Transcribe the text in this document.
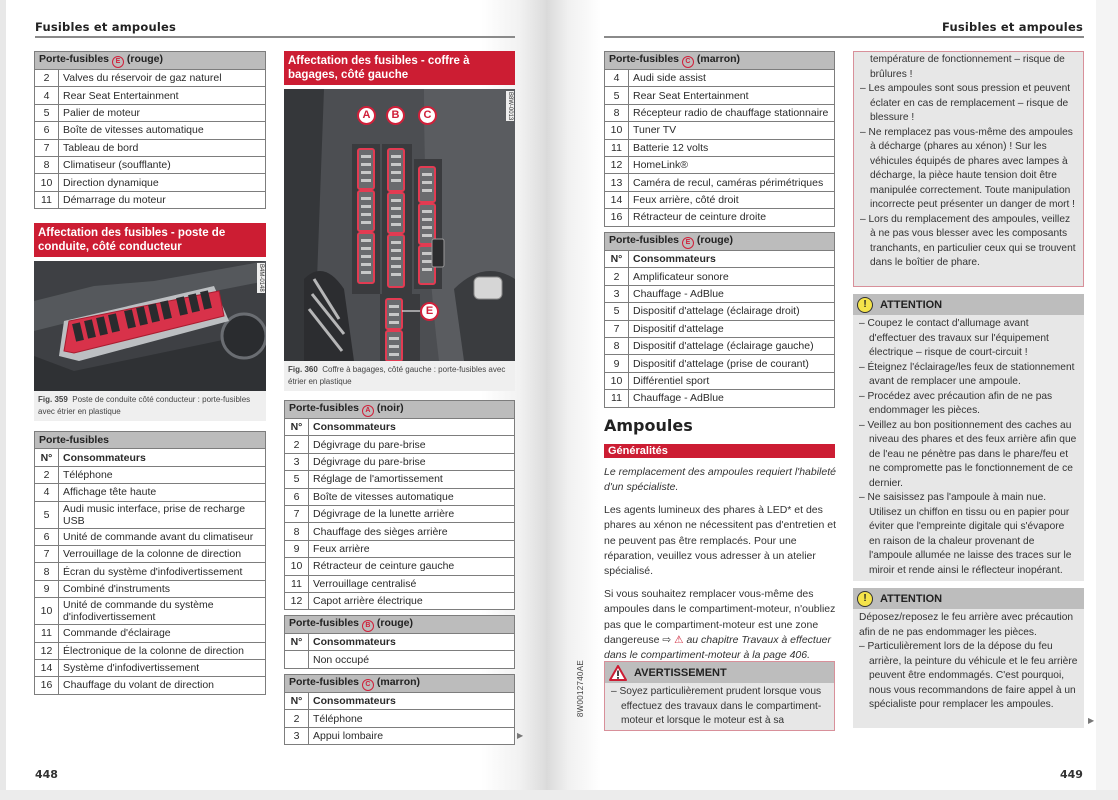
Fusibles et ampoules
Porte-fusibles E (rouge)	
2	Valves du réservoir de gaz naturel
4	Rear Seat Entertainment
5	Palier de moteur
6	Boîte de vitesses automatique
7	Tableau de bord
8	Climatiseur (soufflante)
10	Direction dynamique
11	Démarrage du moteur
Affectation des fusibles - poste de conduite, côté conducteur
B4M-0148
Fig. 359 Poste de conduite côté conducteur : porte-fusibles avec étrier en plastique
Porte-fusibles	
N°	Consommateurs
2	Téléphone
4	Affichage tête haute
5	Audi music interface, prise de recharge USB
6	Unité de commande avant du climatiseur
7	Verrouillage de la colonne de direction
8	Écran du système d'infodivertissement
9	Combiné d'instruments
10	Unité de commande du système d'infodivertissement
11	Commande d'éclairage
12	Électronique de la colonne de direction
14	Système d'infodivertissement
16	Chauffage du volant de direction
Affectation des fusibles - coffre à bagages, côté gauche
A	B	C
E
B8W-0013
Fig. 360 Coffre à bagages, côté gauche : porte-fusibles avec étrier en plastique
Porte-fusibles A (noir)	
N°	Consommateurs
2	Dégivrage du pare-brise
3	Dégivrage du pare-brise
5	Réglage de l'amortissement
6	Boîte de vitesses automatique
7	Dégivrage de la lunette arrière
8	Chauffage des sièges arrière
9	Feux arrière
10	Rétracteur de ceinture gauche
11	Verrouillage centralisé
12	Capot arrière électrique
Porte-fusibles B (rouge)	
N°	Consommateurs
	Non occupé
Porte-fusibles C (marron)	
N°	Consommateurs
2	Téléphone
3	Appui lombaire	▶
448
Fusibles et ampoules
Porte-fusibles C (marron)	
4	Audi side assist
5	Rear Seat Entertainment
8	Récepteur radio de chauffage stationnaire
10	Tuner TV
11	Batterie 12 volts
12	HomeLink®
13	Caméra de recul, caméras périmétriques
14	Feux arrière, côté droit
16	Rétracteur de ceinture droite
Porte-fusibles E (rouge)	
N°	Consommateurs
2	Amplificateur sonore
3	Chauffage - AdBlue
5	Dispositif d'attelage (éclairage droit)
7	Dispositif d'attelage
8	Dispositif d'attelage (éclairage gauche)
9	Dispositif d'attelage (prise de courant)
10	Différentiel sport
11	Chauffage - AdBlue
Ampoules
Généralités

Le remplacement des ampoules requiert l'habileté d'un spécialiste.

Les agents lumineux des phares à LED* et des phares au xénon ne nécessitent pas d'entretien et ne peuvent pas être remplacés. Pour une réparation, veuillez vous adresser à un atelier spécialisé.

Si vous souhaitez remplacer vous-même des ampoules dans le compartiment-moteur, n'oubliez pas que le compartiment-moteur est une zone dangereuse ⇨ ⚠ au chapitre Travaux à effectuer dans le compartiment-moteur à la page 406.

AVERTISSEMENT
– Soyez particulièrement prudent lorsque vous effectuez des travaux dans le compartiment-moteur et lorsque le moteur est à sa
8W0012740AE
température de fonctionnement – risque de brûlures !
– Les ampoules sont sous pression et peuvent éclater en cas de remplacement – risque de blessure !
– Ne remplacez pas vous-même des ampoules à décharge (phares au xénon) ! Sur les véhicules équipés de phares avec lampes à décharge, la pièce haute tension doit être manipulée correctement. Toute manipulation incorrecte peut présenter un danger de mort !
– Lors du remplacement des ampoules, veillez à ne pas vous blesser avec les composants tranchants, en particulier ceux qui se trouvent dans le boîtier de phare.
!	ATTENTION
– Coupez le contact d'allumage avant d'effectuer des travaux sur l'équipement électrique – risque de court-circuit !
– Éteignez l'éclairage/les feux de stationnement avant de remplacer une ampoule.
– Procédez avec précaution afin de ne pas endommager les pièces.
– Veillez au bon positionnement des caches au niveau des phares et des feux arrière afin que de l'eau ne pénètre pas dans le phare/feu et ne compromette pas le fonctionnement de ce dernier.
– Ne saisissez pas l'ampoule à main nue. Utilisez un chiffon en tissu ou en papier pour éviter que l'empreinte digitale qui s'évapore en raison de la chaleur provenant de l'ampoule allumée ne laisse des traces sur le miroir et rende ainsi le réflecteur inopérant.
!	ATTENTION
Déposez/reposez le feu arrière avec précaution afin de ne pas endommager les pièces.
– Particulièrement lors de la dépose du feu arrière, la peinture du véhicule et le feu arrière peuvent être endommagés. C'est pourquoi, nous vous recommandons de faire appel à un spécialiste pour remplacer les ampoules.
▶
449
